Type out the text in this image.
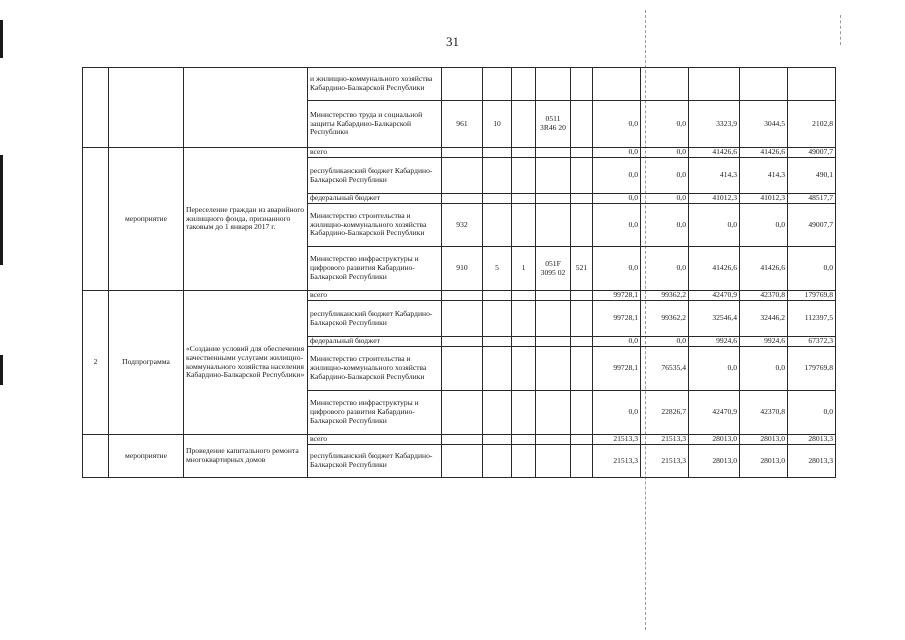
31
			и жилищно-коммунального хозяйства Кабардино-Балкарской Республики										
			Министерство труда и социальной защиты Кабардино-Балкарской Республики	961	10		0511 3R46 20		0,0	0,0	3323,9	3044,5	2102,8
	мероприятие	Переселение граждан из аварийного жилищного фонда, признанного таковым до 1 января 2017 г.	всего						0,0	0,0	41426,6	41426,6	49007,7
			республиканский бюджет Кабардино- Балкарской Республики						0,0	0,0	414,3	414,3	490,1
			федеральный бюджет						0,0	0,0	41012,3	41012,3	48517,7
			Министерство строительства и жилищно-коммунального хозяйства Кабардино-Балкарской Республики	932					0,0	0,0	0,0	0,0	49007,7
			Министерство инфраструктуры и цифрового развития Кабардино-Балкарской Республики	910	5	1	051F 3095 02	521	0,0	0,0	41426,6	41426,6	0,0
2	Подпрограмма	«Создание условий для обеспечения качественными услугами жилищно-коммунального хозяйства населения Кабардино-Балкарской Республики»	всего						99728,1	99362,2	42470,9	42370,8	179769,8
			республиканский бюджет Кабардино- Балкарской Республики						99728,1	99362,2	32546,4	32446,2	112397,5
			федеральный бюджет						0,0	0,0	9924,6	9924,6	67372,3
			Министерство строительства и жилищно-коммунального хозяйства Кабардино-Балкарской Республики						99728,1	76535,4	0,0	0,0	179769,8
			Министерство инфраструктуры и цифрового развития Кабардино-Балкарской Республики						0,0	22826,7	42470,9	42370,8	0,0
	мероприятие	Проведение капитального ремонта многоквартирных домов	всего						21513,3	21513,3	28013,0	28013,0	28013,3
			республиканский бюджет Кабардино- Балкарской Республики						21513,3	21513,3	28013,0	28013,0	28013,3
